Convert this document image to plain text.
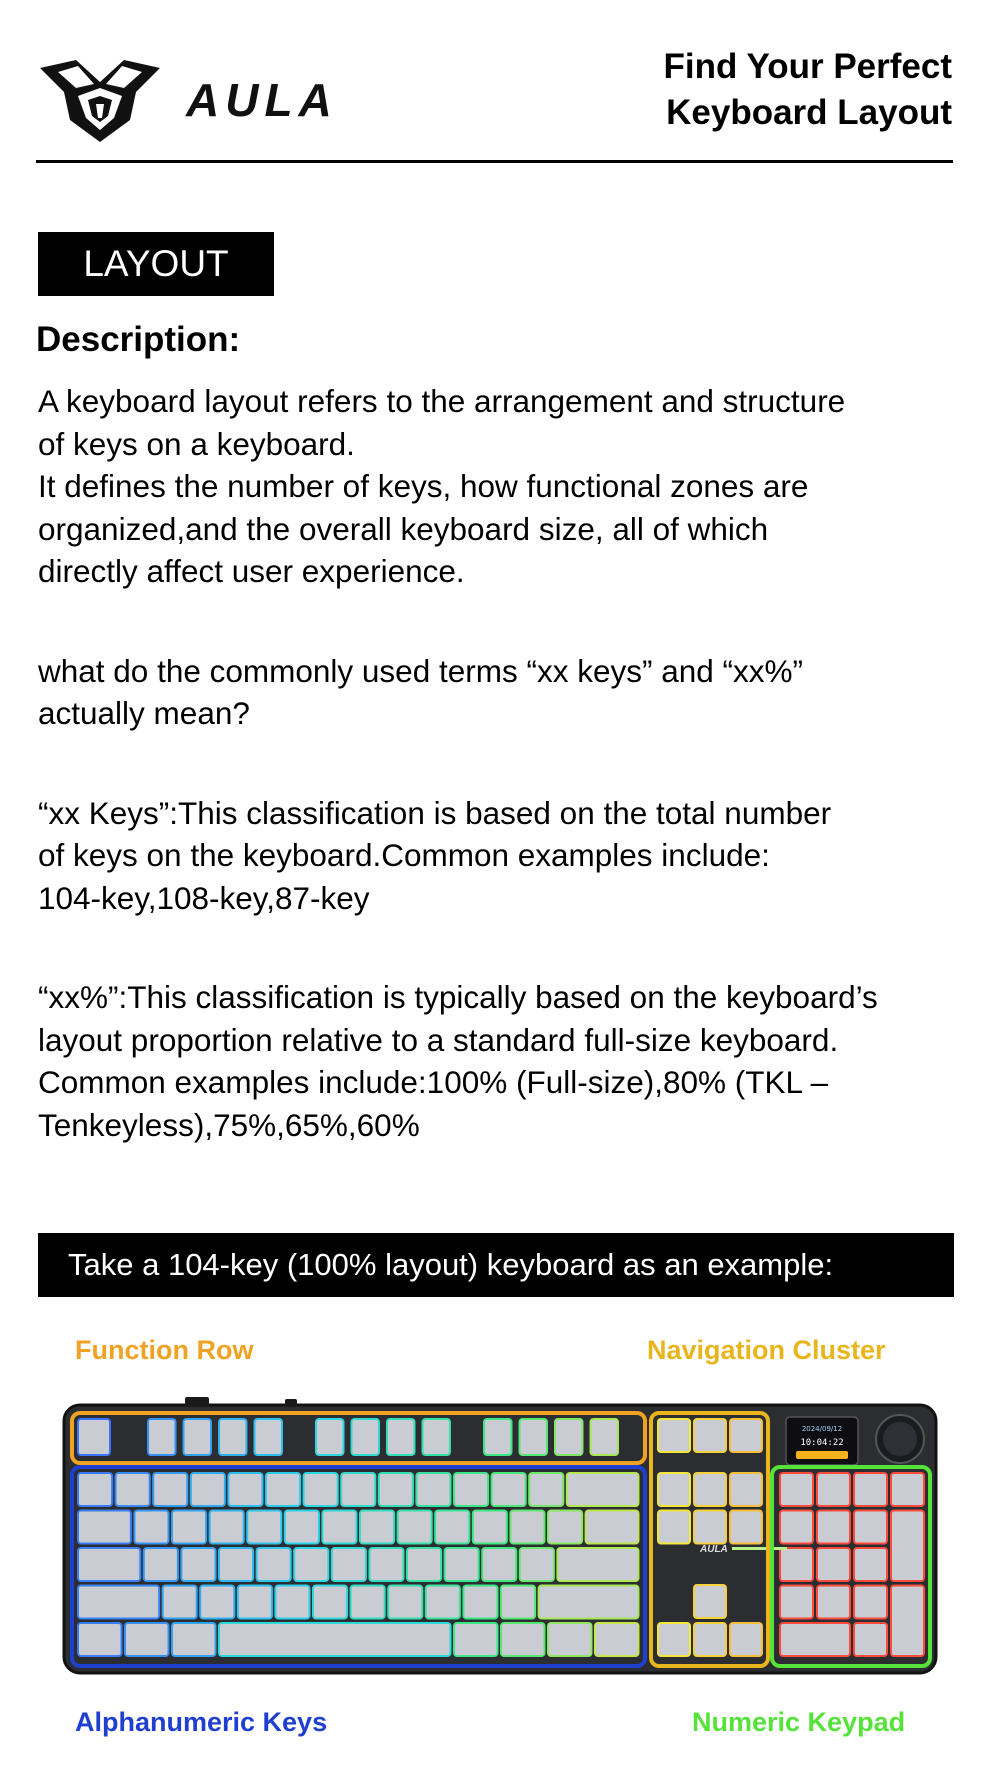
AULA
Find Your Perfect
Keyboard Layout
LAYOUT
Description:

A keyboard layout refers to the arrangement and structure
of keys on a keyboard.
It defines the number of keys, how functional zones are
organized,and the overall keyboard size, all of which
directly affect user experience.

what do the commonly used terms “xx keys” and “xx%”
actually mean?

“xx Keys”:This classification is based on the total number
of keys on the keyboard.Common examples include:
104-key,108-key,87-key

“xx%”:This classification is typically based on the keyboard’s
layout proportion relative to a standard full-size keyboard.
Common examples include:100% (Full-size),80% (TKL –
Tenkeyless),75%,65%,60%

Take a 104-key (100% layout) keyboard as an example:
Function Row	Navigation Cluster
2024/09/12
10:04:22
AULA
Alphanumeric Keys	Numeric Keypad
